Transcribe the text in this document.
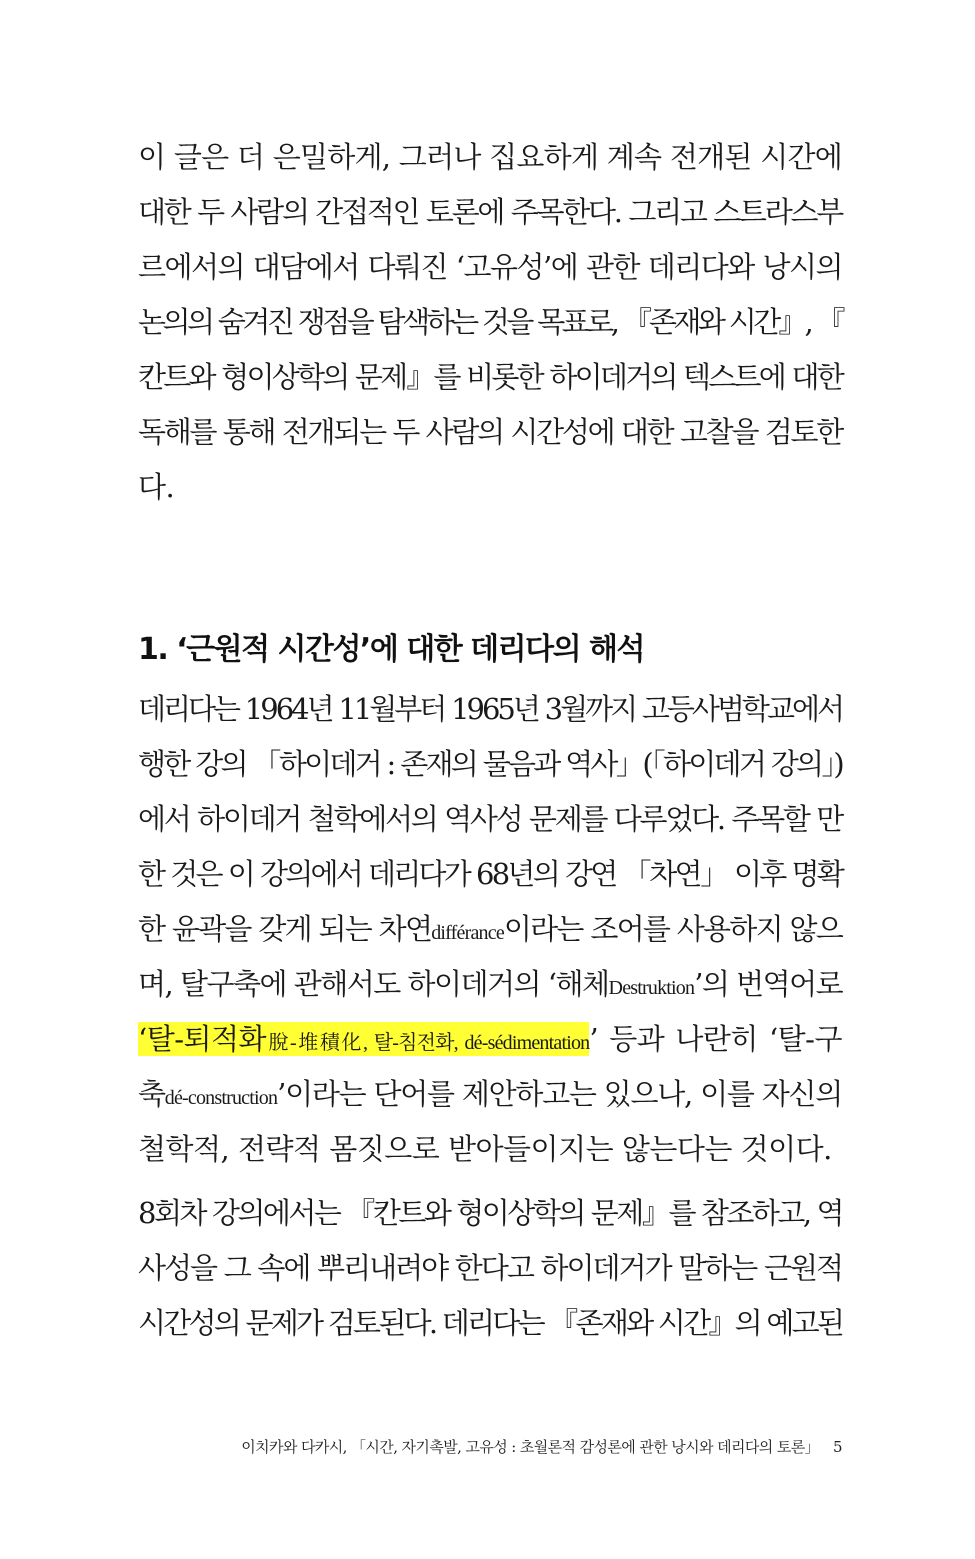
이 글은 더 은밀하게, 그러나 집요하게 계속 전개된 시간에
대한 두 사람의 간접적인 토론에 주목한다. 그리고 스트라스부
르에서의 대담에서 다뤄진 ‘고유성’에 관한 데리다와 낭시의
논의의 숨겨진 쟁점을 탐색하는 것을 목표로, 『존재와 시간』, 『
칸트와 형이상학의 문제』를 비롯한 하이데거의 텍스트에 대한
독해를 통해 전개되는 두 사람의 시간성에 대한 고찰을 검토한
다.
1. ‘근원적 시간성’에 대한 데리다의 해석
데리다는 1964년 11월부터 1965년 3월까지 고등사범학교에서
행한 강의 「하이데거 : 존재의 물음과 역사」(「하이데거 강의」)
에서 하이데거 철학에서의 역사성 문제를 다루었다. 주목할 만
한 것은 이 강의에서 데리다가 68년의 강연 「차연」 이후 명확
한 윤곽을 갖게 되는 차연différance이라는 조어를 사용하지 않으
며, 탈구축에 관해서도 하이데거의 ‘해체Destruktion’의 번역어로
‘탈-퇴적화脫-堆積化, 탈-침전화, dé-sédimentation’ 등과 나란히 ‘탈-구
축dé-construction’이라는 단어를 제안하고는 있으나, 이를 자신의
철학적, 전략적 몸짓으로 받아들이지는 않는다는 것이다.
8회차 강의에서는 『칸트와 형이상학의 문제』를 참조하고, 역
사성을 그 속에 뿌리내려야 한다고 하이데거가 말하는 근원적
시간성의 문제가 검토된다. 데리다는 『존재와 시간』의 예고된
이치카와 다카시, 「시간, 자기촉발, 고유성 : 초월론적 감성론에 관한 낭시와 데리다의 토론」 5
